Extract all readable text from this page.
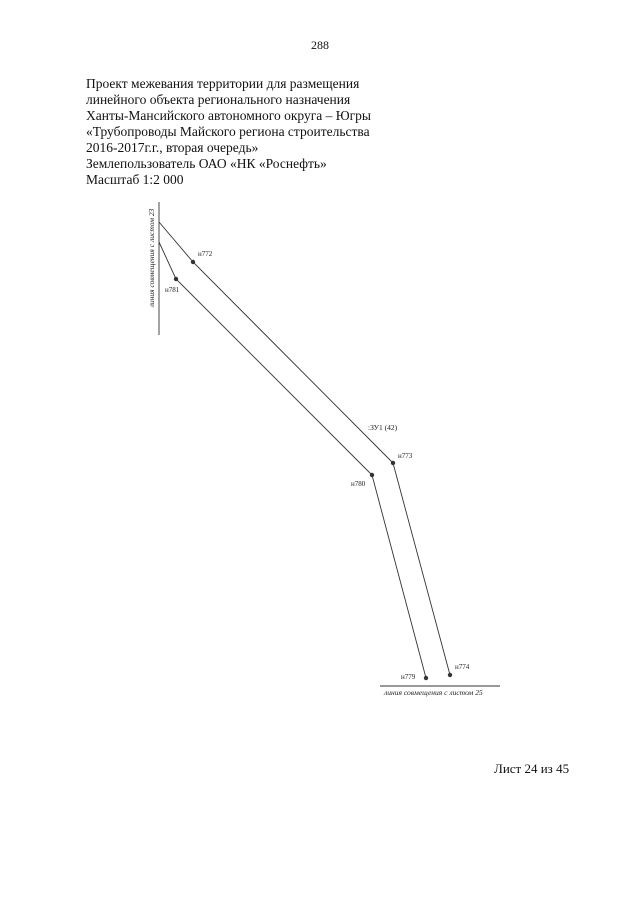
288
Проект межевания территории для размещения
линейного объекта регионального назначения
Ханты-Мансийского автономного округа – Югры
«Трубопроводы Майского региона строительства
2016-2017г.г., вторая очередь»
Землепользователь ОАО «НК «Роснефть»
Масштаб 1:2 000
линия совмещения с листом 23
линия совмещения с листом 25
н772
н781
н773
н780
н774
н779
:ЗУ1 (42)
Лист 24 из 45
